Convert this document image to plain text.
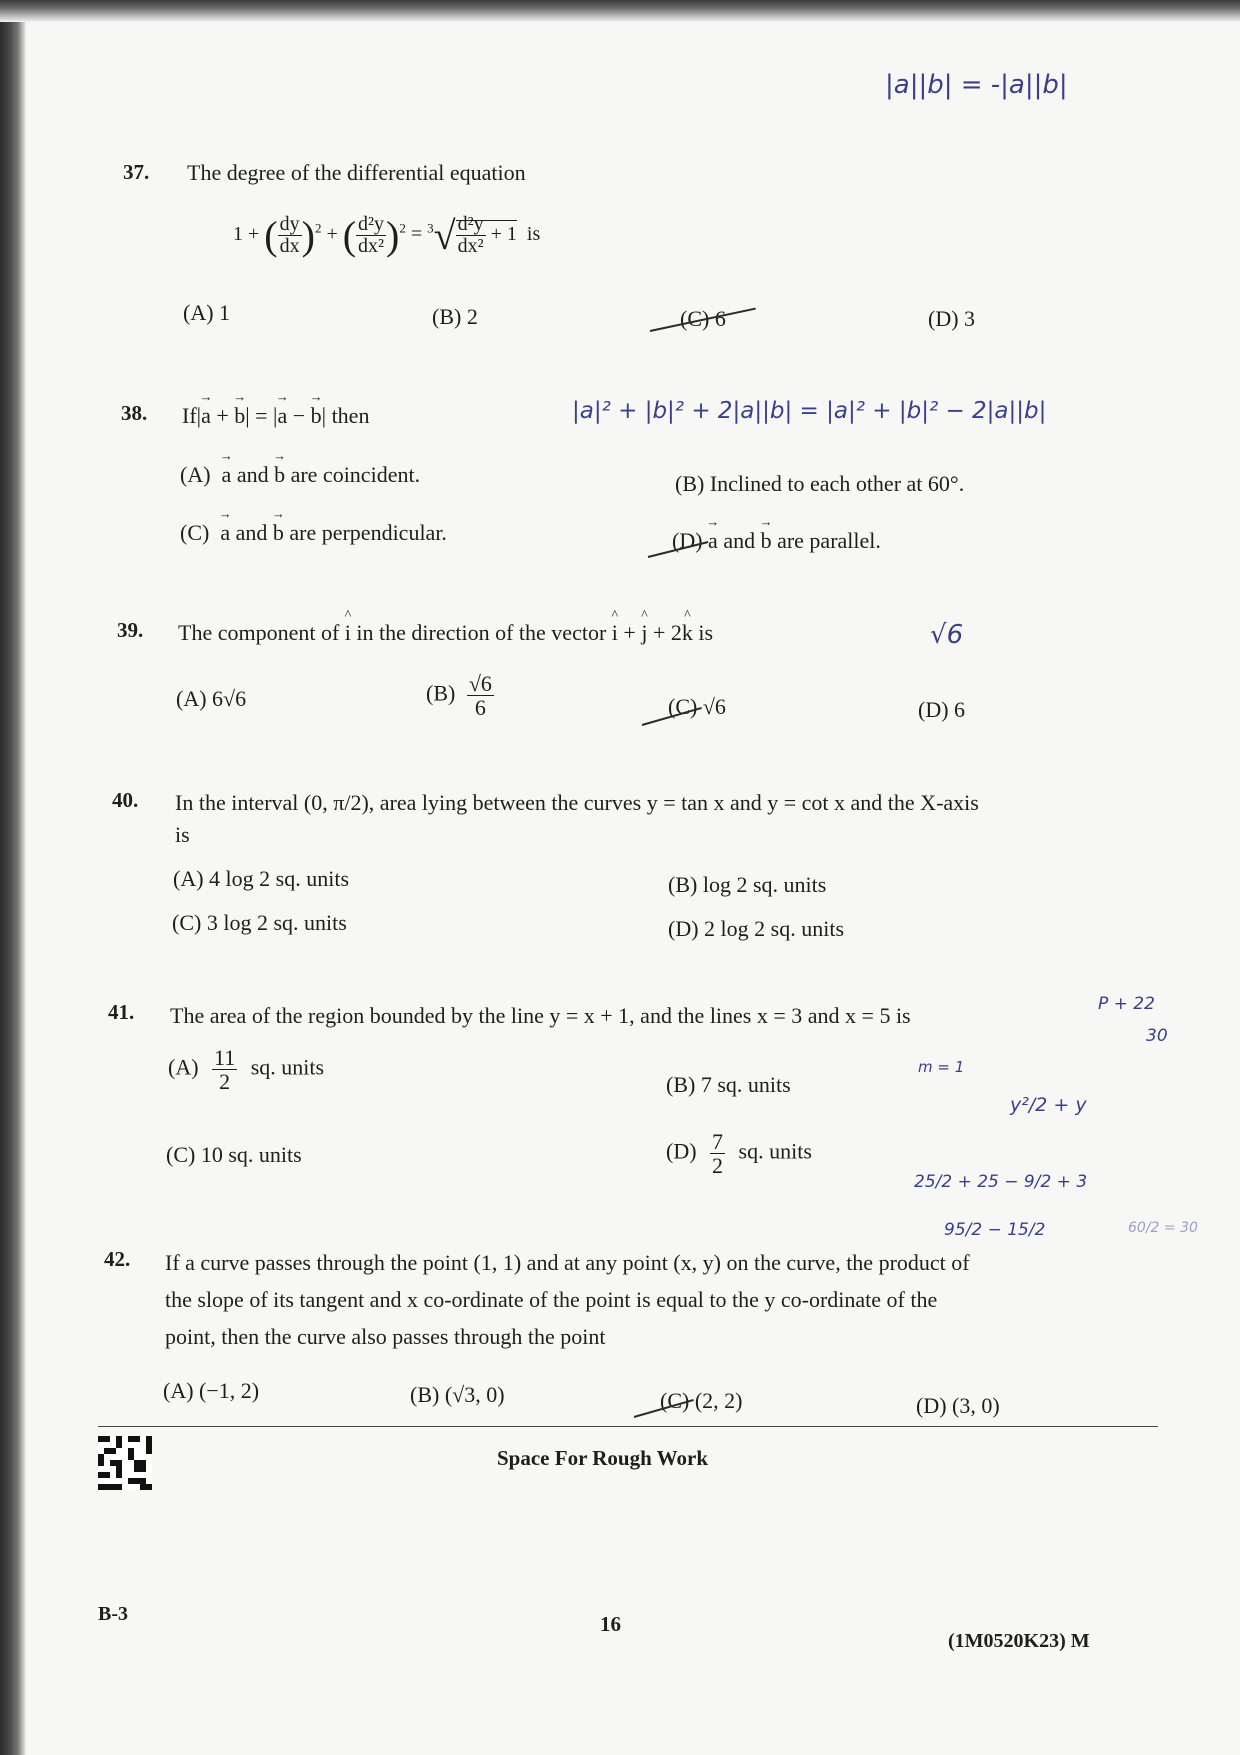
|a||b| = -|a||b|
37. The degree of the differential equation
1 + ( $\frac{dy}{dx} )^2$ + ( $\frac{\text{d²y}}{\text{dx²}} )^2 = ^3√ \frac{\text{d²y}}{\text{dx²}} + 1$ is
(A) 1	(B) 2	(C) 6	(D) 3
38. If|→ a + → b| = |→ a − → b| then	|a|² + |b|² + 2|a||b| = |a|² + |b|² − 2|a||b|
(A) → a and → b are coincident.	(B) Inclined to each other at 60°.
(C) → a and → b are perpendicular.	(D) → a and → b are parallel.
39. The component of ^ i in the direction of the vector ^ i + ^ j + 2^ k is	√6
(A) 6√6	$(B) \frac{√6}{6}$	(C) √6	(D) 6
40. In the interval (0, π/2), area lying between the curves y = tan x and y = cot x and the X-axis
is
(A) 4 log 2 sq. units	(B) log 2 sq. units
(C) 3 log 2 sq. units	(D) 2 log 2 sq. units
41. The area of the region bounded by the line y = x + 1, and the lines x = 3 and x = 5 is
$(A) \frac{11}{2}$ sq. units
(B) 7 sq. units
(C) 10 sq. units	$(D) \frac{7}{2}$ sq. units
P + 22
30
m = 1
y²/2 + y
25/2 + 25 − 9/2 + 3
95/2 − 15/2	60/2 = 30
42. If a curve passes through the point (1, 1) and at any point (x, y) on the curve, the product of
the slope of its tangent and x co-ordinate of the point is equal to the y co-ordinate of the
point, then the curve also passes through the point
(A) (−1, 2)	(B) (√3, 0)	(C) (2, 2)	(D) (3, 0)
Space For Rough Work
B-3	16
(1M0520K23) M
